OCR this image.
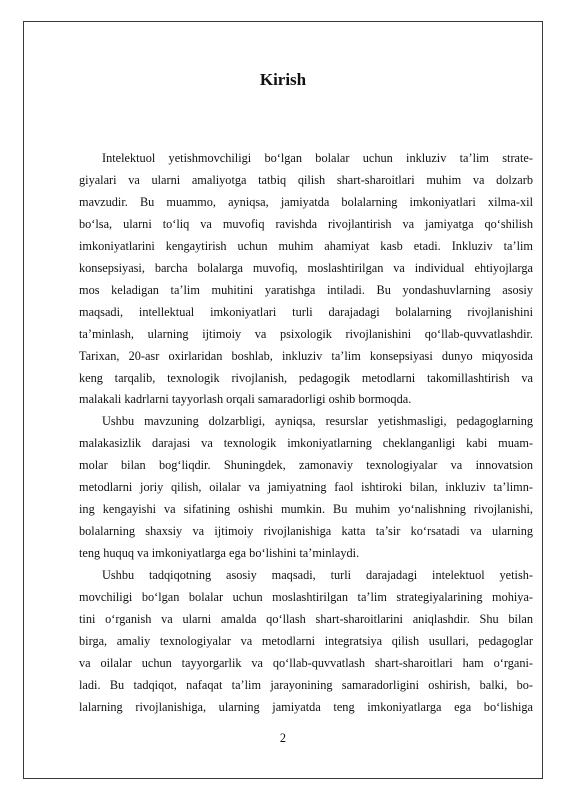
Kirish
Intelektuol yetishmovchiligi bo‘lgan bolalar uchun inkluziv ta’lim strate-
giyalari va ularni amaliyotga tatbiq qilish shart-sharoitlari muhim va dolzarb
mavzudir. Bu muammo, ayniqsa, jamiyatda bolalarning imkoniyatlari xilma-xil
bo‘lsa, ularni to‘liq va muvofiq ravishda rivojlantirish va jamiyatga qo‘shilish
imkoniyatlarini kengaytirish uchun muhim ahamiyat kasb etadi. Inkluziv ta’lim
konsepsiyasi, barcha bolalarga muvofiq, moslashtirilgan va individual ehtiyojlarga
mos keladigan ta’lim muhitini yaratishga intiladi. Bu yondashuvlarning asosiy
maqsadi, intellektual imkoniyatlari turli darajadagi bolalarning rivojlanishini
ta’minlash, ularning ijtimoiy va psixologik rivojlanishini qo‘llab-quvvatlashdir.
Tarixan, 20-asr oxirlaridan boshlab, inkluziv ta’lim konsepsiyasi dunyo miqyosida
keng tarqalib, texnologik rivojlanish, pedagogik metodlarni takomillashtirish va
malakali kadrlarni tayyorlash orqali samaradorligi oshib bormoqda.
Ushbu mavzuning dolzarbligi, ayniqsa, resurslar yetishmasligi, pedagoglarning
malakasizlik darajasi va texnologik imkoniyatlarning cheklanganligi kabi muam-
molar bilan bog‘liqdir. Shuningdek, zamonaviy texnologiyalar va innovatsion
metodlarni joriy qilish, oilalar va jamiyatning faol ishtiroki bilan, inkluziv ta’limn-
ing kengayishi va sifatining oshishi mumkin. Bu muhim yo‘nalishning rivojlanishi,
bolalarning shaxsiy va ijtimoiy rivojlanishiga katta ta’sir ko‘rsatadi va ularning
teng huquq va imkoniyatlarga ega bo‘lishini ta’minlaydi.
Ushbu tadqiqotning asosiy maqsadi, turli darajadagi intelektuol yetish-
movchiligi bo‘lgan bolalar uchun moslashtirilgan ta’lim strategiyalarining mohiya-
tini o‘rganish va ularni amalda qo‘llash shart-sharoitlarini aniqlashdir. Shu bilan
birga, amaliy texnologiyalar va metodlarni integratsiya qilish usullari, pedagoglar
va oilalar uchun tayyorgarlik va qo‘llab-quvvatlash shart-sharoitlari ham o‘rgani-
ladi. Bu tadqiqot, nafaqat ta’lim jarayonining samaradorligini oshirish, balki, bo-
lalarning rivojlanishiga, ularning jamiyatda teng imkoniyatlarga ega bo‘lishiga
2
